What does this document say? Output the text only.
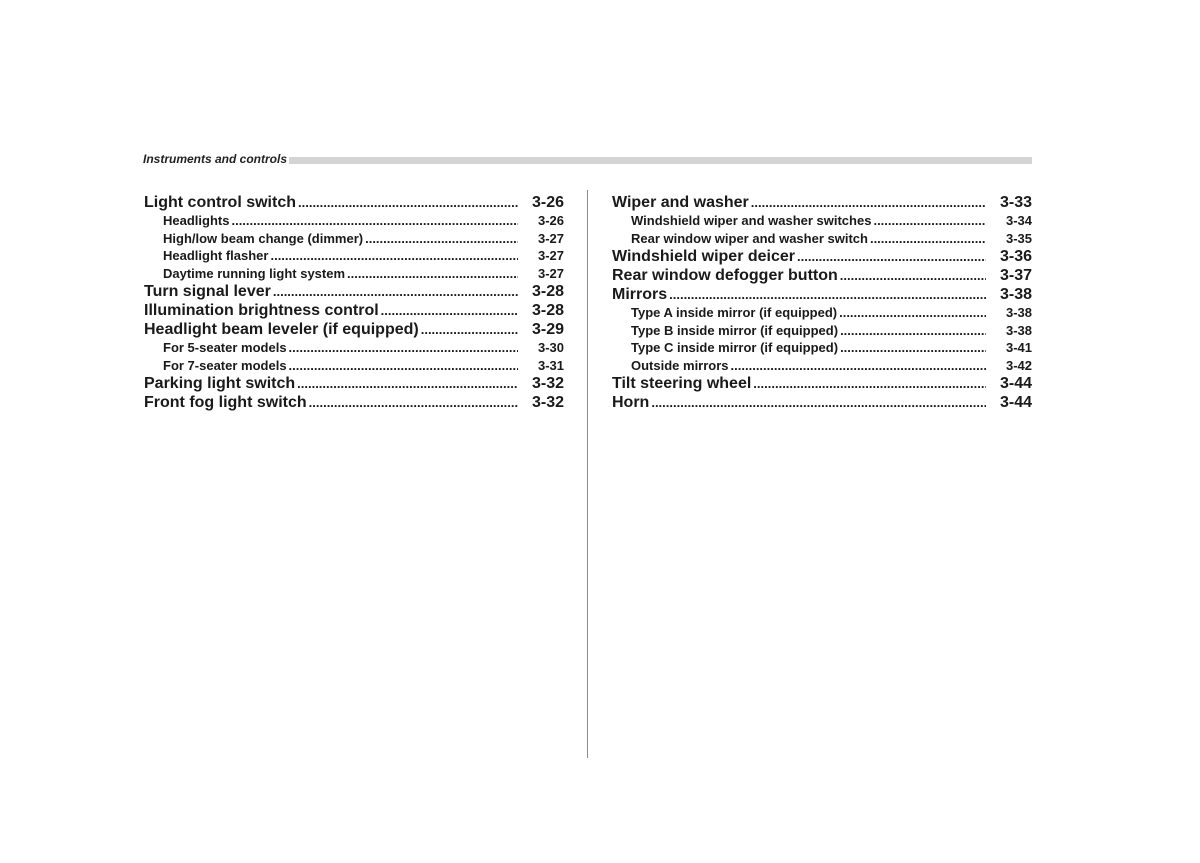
Instruments and controls
Light control switch .....	3-26
Headlights .....	3-26
High/low beam change (dimmer) .....	3-27
Headlight flasher .....	3-27
Daytime running light system .....	3-27
Turn signal lever .....	3-28
Illumination brightness control .....	3-28
Headlight beam leveler (if equipped) .....	3-29
For 5-seater models .....	3-30
For 7-seater models .....	3-31
Parking light switch .....	3-32
Front fog light switch .....	3-32
Wiper and washer .....	3-33
Windshield wiper and washer switches .....	3-34
Rear window wiper and washer switch .....	3-35
Windshield wiper deicer .....	3-36
Rear window defogger button .....	3-37
Mirrors .....	3-38
Type A inside mirror (if equipped) .....	3-38
Type B inside mirror (if equipped) .....	3-38
Type C inside mirror (if equipped) .....	3-41
Outside mirrors .....	3-42
Tilt steering wheel .....	3-44
Horn .....	3-44
